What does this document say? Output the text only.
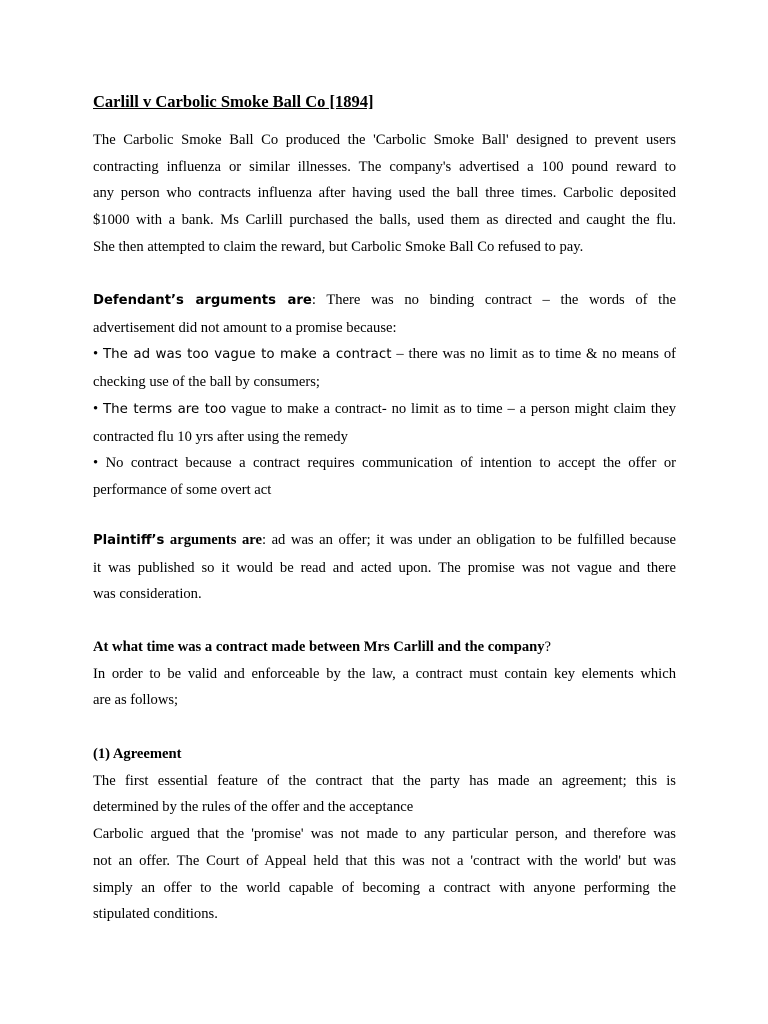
Carlill v Carbolic Smoke Ball Co [1894]
The Carbolic Smoke Ball Co produced the 'Carbolic Smoke Ball' designed to prevent users
contracting influenza or similar illnesses. The company's advertised a 100 pound reward to
any person who contracts influenza after having used the ball three times. Carbolic deposited
$1000 with a bank. Ms Carlill purchased the balls, used them as directed and caught the flu.
She then attempted to claim the reward, but Carbolic Smoke Ball Co refused to pay.
Defendant’s arguments are: There was no binding contract – the words of the
advertisement did not amount to a promise because:
• The ad was too vague to make a contract – there was no limit as to time & no means of
checking use of the ball by consumers;
• The terms are too vague to make a contract- no limit as to time – a person might claim they
contracted flu 10 yrs after using the remedy
• No contract because a contract requires communication of intention to accept the offer or
performance of some overt act
Plaintiff’s arguments are: ad was an offer; it was under an obligation to be fulfilled because
it was published so it would be read and acted upon. The promise was not vague and there
was consideration.
At what time was a contract made between Mrs Carlill and the company?
In order to be valid and enforceable by the law, a contract must contain key elements which
are as follows;
(1) Agreement
The first essential feature of the contract that the party has made an agreement; this is
determined by the rules of the offer and the acceptance
Carbolic argued that the 'promise' was not made to any particular person, and therefore was
not an offer. The Court of Appeal held that this was not a 'contract with the world' but was
simply an offer to the world capable of becoming a contract with anyone performing the
stipulated conditions.
